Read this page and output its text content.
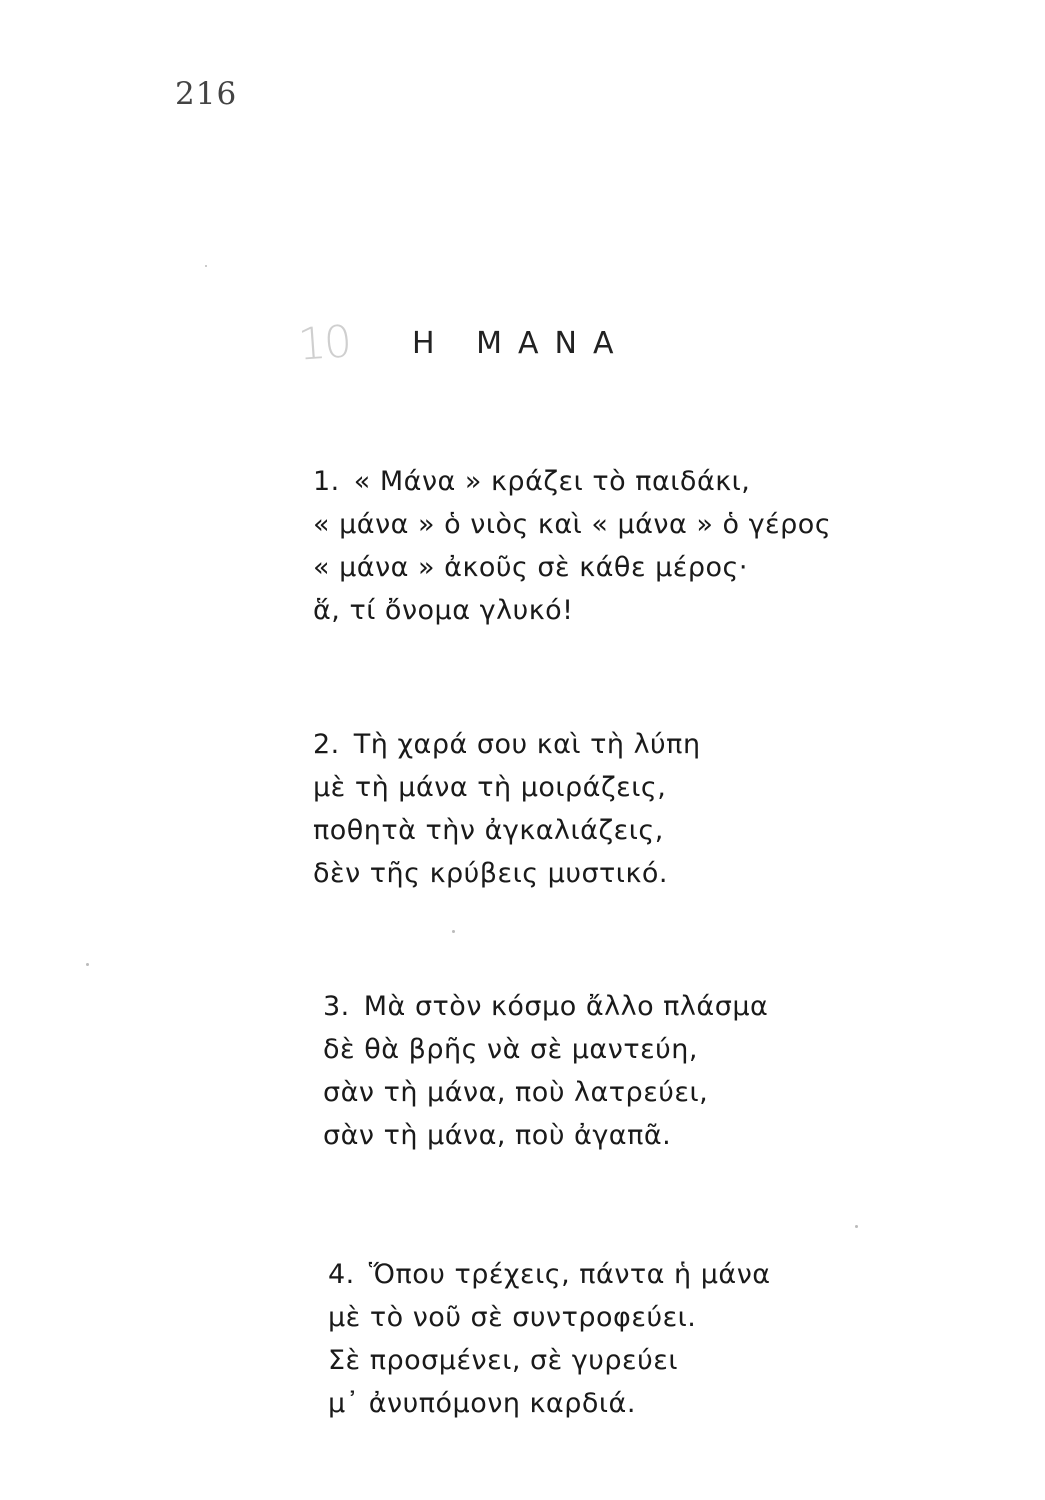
216
10 Η ΜΑΝΑ
1. « Μάνα » κράζει τὸ παιδάκι,
« μάνα » ὁ νιὸς καὶ « μάνα » ὁ γέρος
« μάνα » ἀκοῦς σὲ κάθε μέρος·
ἅ, τί ὄνομα γλυκό!
2. Τὴ χαρά σου καὶ τὴ λύπη
μὲ τὴ μάνα τὴ μοιράζεις,
ποθητὰ τὴν ἀγκαλιάζεις,
δὲν τῆς κρύβεις μυστικό.
3. Μὰ στὸν κόσμο ἄλλο πλάσμα
δὲ θὰ βρῆς νὰ σὲ μαντεύη,
σὰν τὴ μάνα, ποὺ λατρεύει,
σὰν τὴ μάνα, ποὺ ἀγαπᾶ.
4. Ὅπου τρέχεις, πάντα ἡ μάνα
μὲ τὸ νοῦ σὲ συντροφεύει.
Σὲ προσμένει, σὲ γυρεύει
μ᾽ ἀνυπόμονη καρδιά.
